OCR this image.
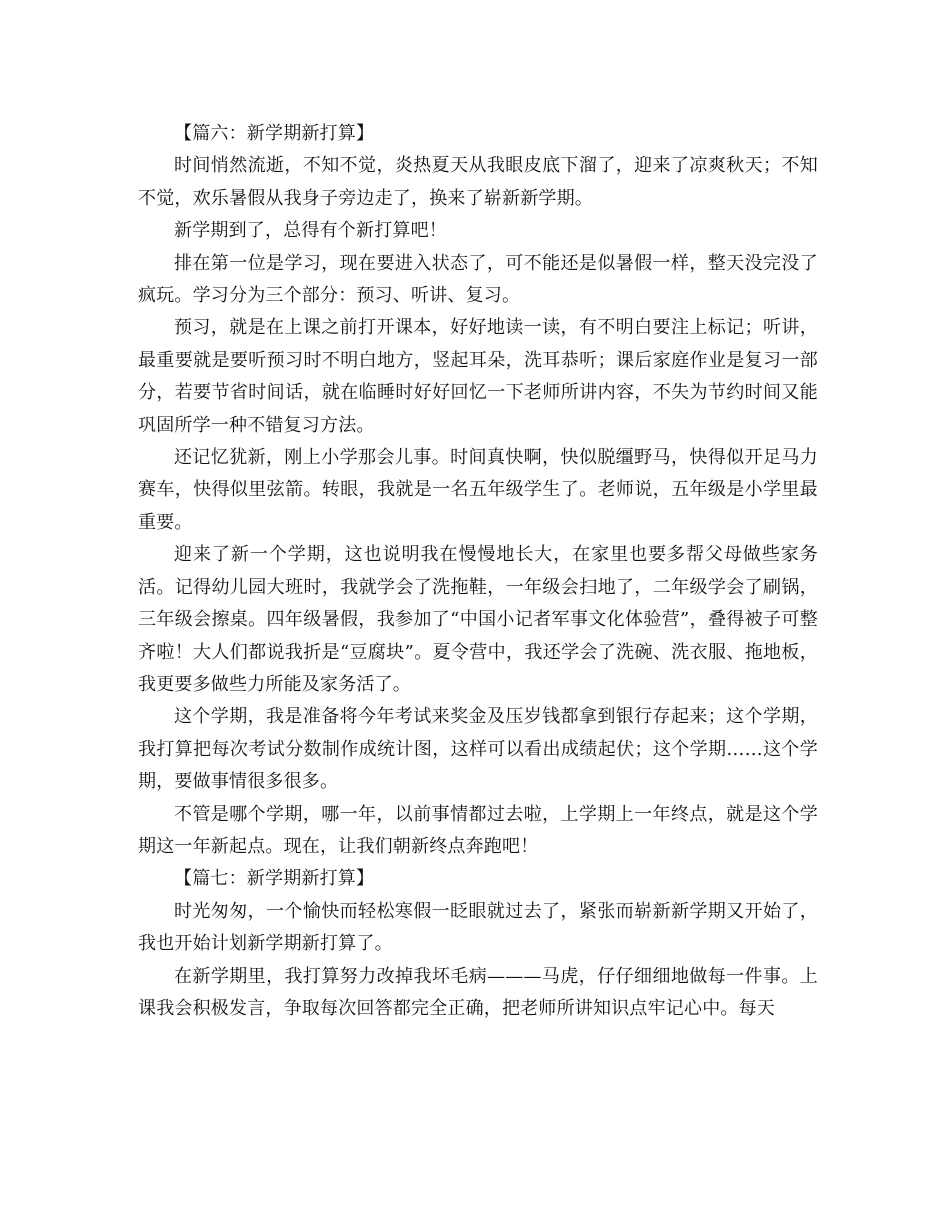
【篇六：新学期新打算】

时间悄然流逝，不知不觉，炎热夏天从我眼皮底下溜了，迎来了凉爽秋天；不知不觉，欢乐暑假从我身子旁边走了，换来了崭新新学期。

新学期到了，总得有个新打算吧！

排在第一位是学习，现在要进入状态了，可不能还是似暑假一样，整天没完没了疯玩。学习分为三个部分：预习、听讲、复习。

预习，就是在上课之前打开课本，好好地读一读，有不明白要注上标记；听讲，最重要就是要听预习时不明白地方，竖起耳朵，洗耳恭听；课后家庭作业是复习一部分，若要节省时间话，就在临睡时好好回忆一下老师所讲内容，不失为节约时间又能巩固所学一种不错复习方法。

还记忆犹新，刚上小学那会儿事。时间真快啊，快似脱缰野马，快得似开足马力赛车，快得似里弦箭。转眼，我就是一名五年级学生了。老师说，五年级是小学里最重要。

迎来了新一个学期，这也说明我在慢慢地长大，在家里也要多帮父母做些家务活。记得幼儿园大班时，我就学会了洗拖鞋，一年级会扫地了，二年级学会了刷锅，三年级会擦桌。四年级暑假，我参加了“中国小记者军事文化体验营”，叠得被子可整齐啦！大人们都说我折是“豆腐块”。夏令营中，我还学会了洗碗、洗衣服、拖地板，我更要多做些力所能及家务活了。

这个学期，我是准备将今年考试来奖金及压岁钱都拿到银行存起来；这个学期，我打算把每次考试分数制作成统计图，这样可以看出成绩起伏；这个学期……这个学期，要做事情很多很多。

不管是哪个学期，哪一年，以前事情都过去啦，上学期上一年终点，就是这个学期这一年新起点。现在，让我们朝新终点奔跑吧！

【篇七：新学期新打算】

时光匆匆，一个愉快而轻松寒假一眨眼就过去了，紧张而崭新新学期又开始了，我也开始计划新学期新打算了。

在新学期里，我打算努力改掉我坏毛病———马虎，仔仔细细地做每一件事。上课我会积极发言，争取每次回答都完全正确，把老师所讲知识点牢记心中。每天
